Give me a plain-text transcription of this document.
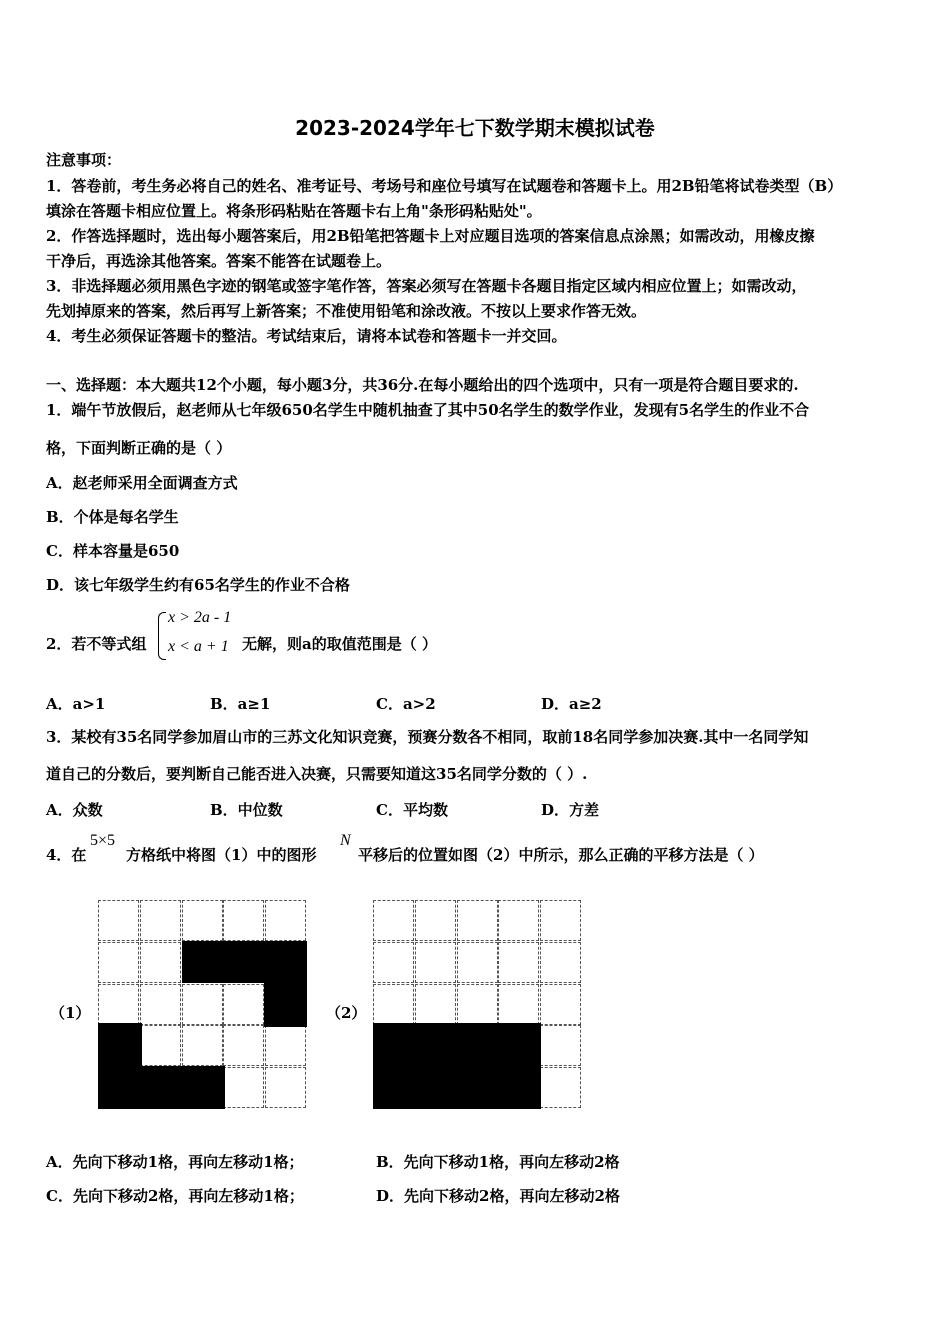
2023-2024学年七下数学期末模拟试卷
注意事项：
1．答卷前，考生务必将自己的姓名、准考证号、考场号和座位号填写在试题卷和答题卡上。用2B铅笔将试卷类型（B）
填涂在答题卡相应位置上。将条形码粘贴在答题卡右上角"条形码粘贴处"。
2．作答选择题时，选出每小题答案后，用2B铅笔把答题卡上对应题目选项的答案信息点涂黑；如需改动，用橡皮擦
干净后，再选涂其他答案。答案不能答在试题卷上。
3．非选择题必须用黑色字迹的钢笔或签字笔作答，答案必须写在答题卡各题目指定区域内相应位置上；如需改动，
先划掉原来的答案，然后再写上新答案；不准使用铅笔和涂改液。不按以上要求作答无效。
4．考生必须保证答题卡的整洁。考试结束后，请将本试卷和答题卡一并交回。
一、选择题：本大题共12个小题，每小题3分，共36分.在每小题给出的四个选项中，只有一项是符合题目要求的.
1．端午节放假后，赵老师从七年级650名学生中随机抽查了其中50名学生的数学作业，发现有5名学生的作业不合
格，下面判断正确的是（ ）
A．赵老师采用全面调查方式
B．个体是每名学生
C．样本容量是650
D．该七年级学生约有65名学生的作业不合格
2．若不等式组
x > 2a - 1
x < a + 1 无解，则a的取值范围是（ ）
A．a>1	B．a≥1	C．a>2	D．a≥2
3．某校有35名同学参加眉山市的三苏文化知识竞赛，预赛分数各不相同，取前18名同学参加决赛.其中一名同学知
道自己的分数后，要判断自己能否进入决赛，只需要知道这35名同学分数的（ ）.
A．众数	B．中位数	C．平均数	D．方差
4．在
5×5
方格纸中将图（1）中的图形
N
平移后的位置如图（2）中所示，那么正确的平移方法是（ ）
（1）	（2）
A．先向下移动1格，再向左移动1格；	B．先向下移动1格，再向左移动2格
C．先向下移动2格，再向左移动1格；	D．先向下移动2格，再向左移动2格
